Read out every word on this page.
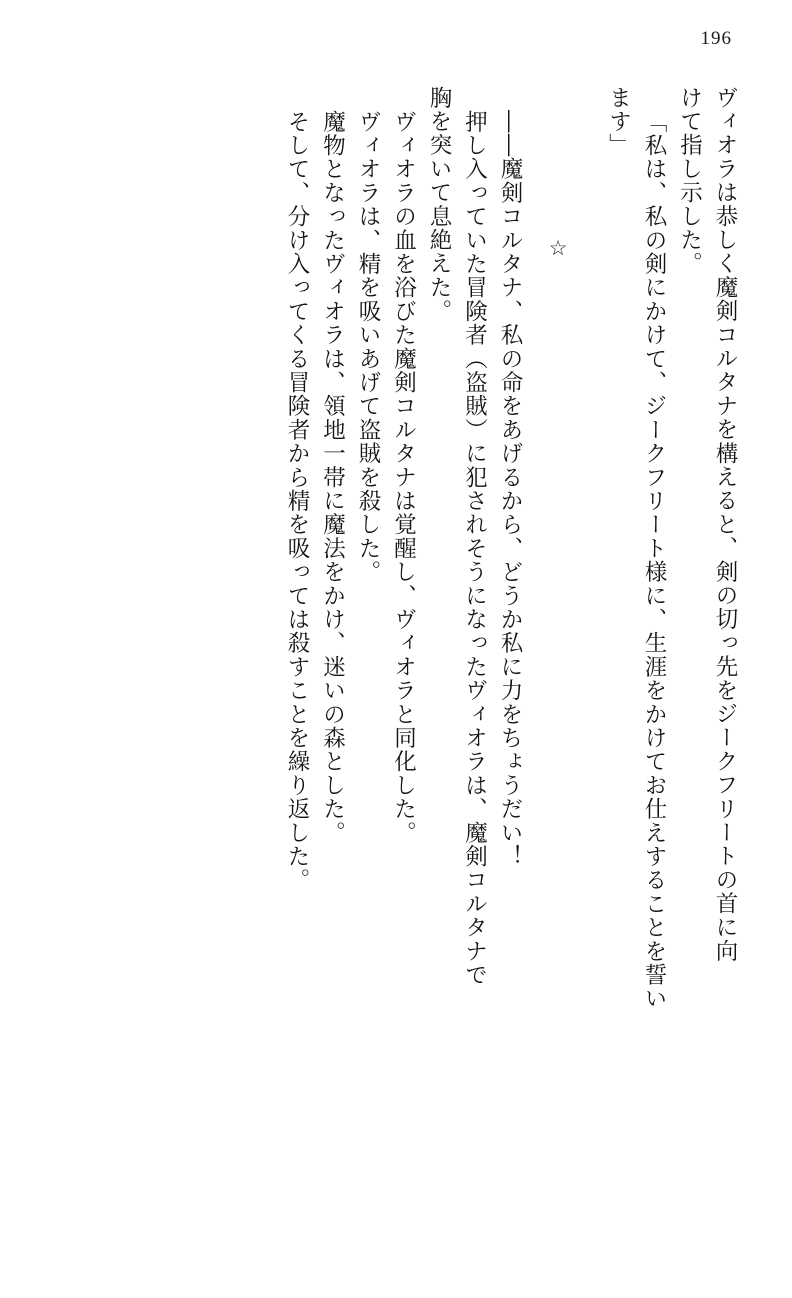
196
ヴィオラは恭しく魔剣コルタナを構えると、剣の切っ先をジークフリートの首に向
けて指し示した。
「私は、私の剣にかけて、ジークフリート様に、生涯をかけてお仕えすることを誓い
ます」
☆
――魔剣コルタナ、私の命をあげるから、どうか私に力をちょうだい！
押し入っていた冒険者（盗賊）に犯されそうになったヴィオラは、魔剣コルタナで
胸を突いて息絶えた。
ヴィオラの血を浴びた魔剣コルタナは覚醒し、ヴィオラと同化した。
ヴィオラは、精を吸いあげて盗賊を殺した。
魔物となったヴィオラは、領地一帯に魔法をかけ、迷いの森とした。
そして、分け入ってくる冒険者から精を吸っては殺すことを繰り返した。
